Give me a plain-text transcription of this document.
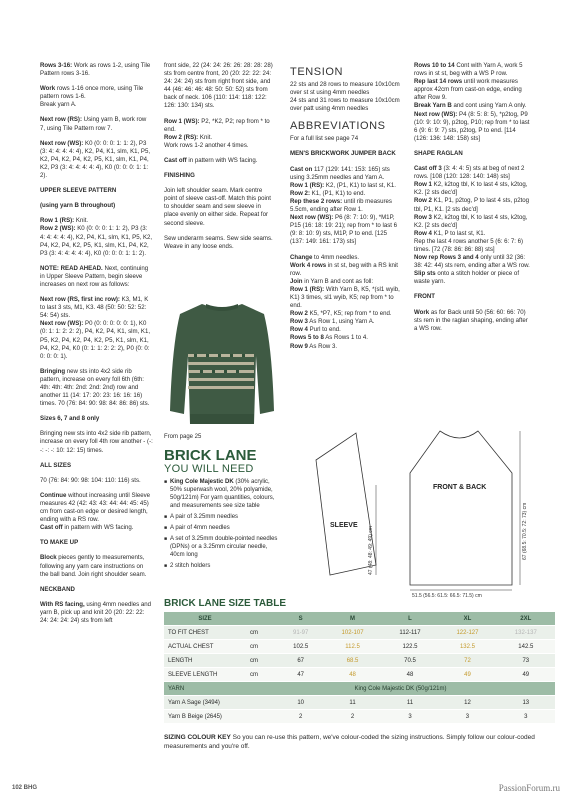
Rows 3-16: Work as rows 1-2, using Tile Pattern rows 3-16.

Work rows 1-16 once more, using Tile pattern rows 1-6.
Break yarn A.

Next row (RS): Using yarn B, work row 7, using Tile Pattern row 7.

Next row (WS): K0 (0: 0: 0: 1: 1: 2), P3 (3: 4: 4: 4: 4: 4), K2, P4, K1, slm, K1, P5, K2, P4, K2, P4, K2, P5, K1, slm, K1, P4, K2, P3 (3: 4: 4: 4: 4: 4), K0 (0: 0: 0: 1: 1: 2).

UPPER SLEEVE PATTERN

(using yarn B throughout)

Row 1 (RS): Knit.

Row 2 (WS): K0 (0: 0: 0: 1: 1: 2), P3 (3: 4: 4: 4: 4: 4), K2, P4, K1, slm, K1, P5, K2, P4, K2, P4, K2, P5, K1, slm, K1, P4, K2, P3 (3: 4: 4: 4: 4: 4), K0 (0: 0: 0: 1: 1: 2).

NOTE: READ AHEAD. Next, continuing in Upper Sleeve Pattern, begin sleeve increases on next row as follows:

Next row (RS, first inc row): K3, M1, K to last 3 sts, M1, K3. 48 (50: 50: 52: 52: 54: 54) sts.

Next row (WS): P0 (0: 0: 0: 0: 0: 1), K0 (0: 1: 1: 2: 2: 2), P4, K2, P4, K1, slm, K1, P5, K2, P4, K2, P4, K2, P5, K1, slm, K1, P4, K2, P4, K0 (0: 1: 1: 2: 2: 2), P0 (0: 0: 0: 0: 0: 1).

Bringing new sts into 4x2 side rib pattern, increase on every foll 6th (6th: 4th: 4th: 4th: 2nd: 2nd: 2nd) row and another 11 (14: 17: 20: 23: 16: 16: 16) times. 70 (76: 84: 90: 98: 84: 86: 86) sts.

Sizes 6, 7 and 8 only

Bringing new sts into 4x2 side rib pattern, increase on every foll 4th row another - (-: -: -: -: 10: 12: 15) times.

ALL SIZES

70 (76: 84: 90: 98: 104: 110: 116) sts.

Continue without increasing until Sleeve measures 42 (42: 43: 43: 44: 44: 45: 45) cm from cast-on edge or desired length, ending with a RS row.

Cast off in pattern with WS facing.

TO MAKE UP

Block pieces gently to measurements, following any yarn care instructions on the ball band. Join right shoulder seam.

NECKBAND

With RS facing, using 4mm needles and yarn B, pick up and knit 20 (20: 22: 22: 24: 24: 24: 24) sts from left

front side, 22 (24: 24: 26: 26: 28: 28: 28) sts from centre front, 20 (20: 22: 22: 24: 24: 24: 24) sts from right front side, and 44 (46: 46: 46: 48: 50: 50: 52) sts from back of neck. 106 (110: 114: 118: 122: 126: 130: 134) sts.

Row 1 (WS): P2, *K2, P2; rep from * to end.

Row 2 (RS): Knit.

Work rows 1-2 another 4 times.

Cast off in pattern with WS facing.

FINISHING

Join left shoulder seam. Mark centre point of sleeve cast-off. Match this point to shoulder seam and sew sleeve in place evenly on either side. Repeat for second sleeve.

Sew underarm seams. Sew side seams. Weave in any loose ends.

From page 25
BRICK LANE
YOU WILL NEED
■ King Cole Majestic DK (30% acrylic, 50% superwash wool, 20% polyamide, 50g/121m) For yarn quantities, colours, and measurements see size table
■ A pair of 3.25mm needles
■ A pair of 4mm needles
■ A set of 3.25mm double-pointed needles (DPNs) or a 3.25mm circular needle, 40cm long
■ 2 stitch holders
TENSION

22 sts and 28 rows to measure 10x10cm over st st using 4mm needles

24 sts and 31 rows to measure 10x10cm over patt using 4mm needles

ABBREVIATIONS

For a full list see page 74

MEN'S BRICKWORK JUMPER BACK

Cast on 117 (129: 141: 153: 165) sts using 3.25mm needles and Yarn A.

Row 1 (RS): K2, (P1, K1) to last st, K1.

Row 2: K1, (P1, K1) to end.

Rep these 2 rows: until rib measures 5.5cm, ending after Row 1.

Next row (WS): P6 (8: 7: 10: 9), *M1P, P15 (16: 18: 19: 21); rep from * to last 6 (9: 8: 10: 9) sts, M1P, P to end. [125 (137: 149: 161: 173) sts]

Change to 4mm needles.

Work 4 rows in st st, beg with a RS knit row.

Join in Yarn B and cont as foll:

Row 1 (RS): With Yarn B, K5, *(sl1 wyib, K1) 3 times, sl1 wyib, K5; rep from * to end.

Row 2 K5, *P7, K5; rep from * to end.

Row 3 As Row 1, using Yarn A.

Row 4 Purl to end.

Rows 5 to 8 As Rows 1 to 4.

Row 9 As Row 3.

Rows 10 to 14 Cont with Yarn A, work 5 rows in st st, beg with a WS P row.

Rep last 14 rows until work measures approx 42cm from cast-on edge, ending after Row 9.

Break Yarn B and cont using Yarn A only.

Next row (WS): P4 (8: 5: 8: 5), *p2tog, P9 (10: 9: 10: 9), p2tog, P10; rep from * to last 6 (9: 6: 9: 7) sts, p2tog, P to end. [114 (126: 136: 148: 158) sts]

SHAPE RAGLAN

Cast off 3 (3: 4: 4: 5) sts at beg of next 2 rows. [108 (120: 128: 140: 148) sts]

Row 1 K2, k2tog tbl, K to last 4 sts, k2tog, K2. [2 sts dec'd]

Row 2 K1, P1, p2tog, P to last 4 sts, p2tog tbl, P1, K1. [2 sts dec'd]

Row 3 K2, k2tog tbl, K to last 4 sts, k2tog, K2. [2 sts dec'd]

Row 4 K1, P to last st, K1.

Rep the last 4 rows another 5 (6: 6: 7: 6) times. [72 (78: 86: 86: 88) sts]

Now rep Rows 3 and 4 only until 32 (36: 38: 42: 44) sts rem, ending after a WS row.

Slip sts onto a stitch holder or piece of waste yarn.

FRONT

Work as for Back until 50 (56: 60: 66: 70) sts rem in the raglan shaping, ending after a WS row.

SLEEVE
47 (48: 48: 49: 49) cm
FRONT & BACK
67 (68.5: 70.5: 72: 73) cm
51.5 (56.5: 61.5: 66.5: 71.5) cm
BRICK LANE SIZE TABLE
SIZE		S	M	L	XL	2XL
TO FIT CHEST	cm	91-97	102-107	112-117	122-127	132-137
ACTUAL CHEST	cm	102.5	112.5	122.5	132.5	142.5
LENGTH	cm	67	68.5	70.5	72	73
SLEEVE LENGTH	cm	47	48	48	49	49
YARN	King Cole Majestic DK (50g/121m)					
Yarn A Sage (3494)		10	11	11	12	13
Yarn B Beige (2645)		2	2	3	3	3
SIZING COLOUR KEY So you can re-use this pattern, we've colour-coded the sizing instructions. Simply follow our colour-coded measurements and you're off.
102 BHG	PassionForum.ru
